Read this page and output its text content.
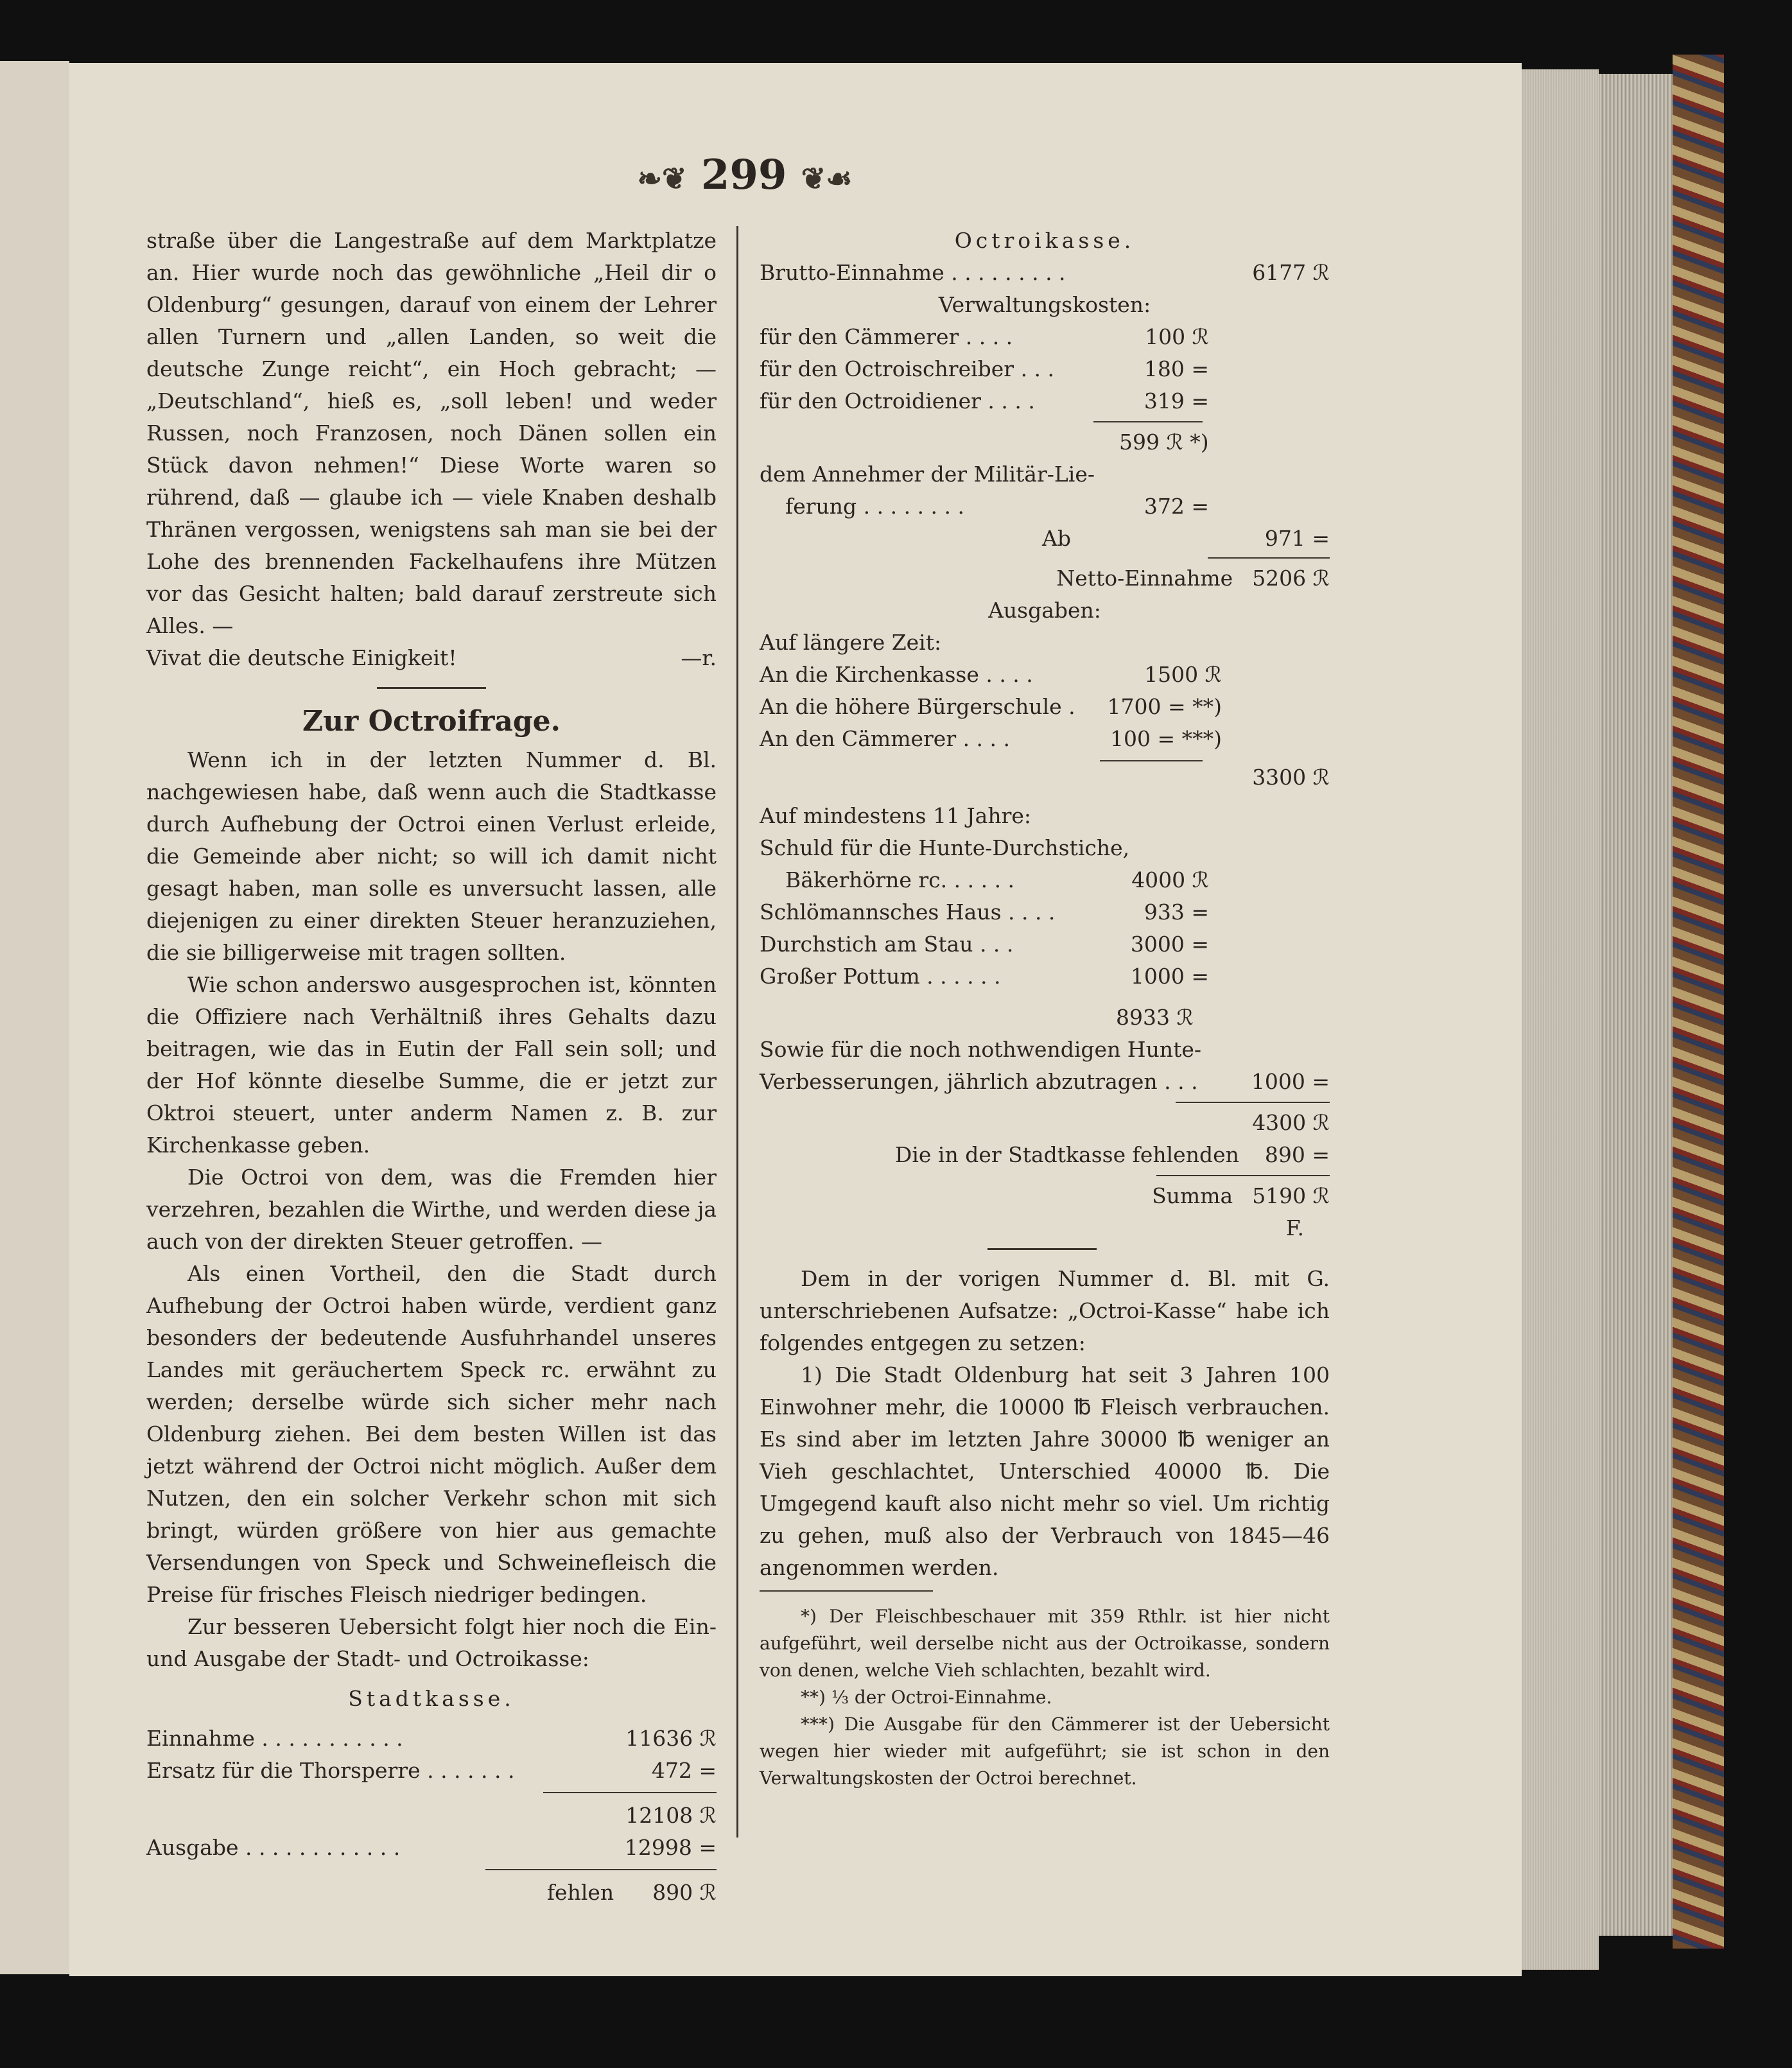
❧❦ 299 ❦☙

straße über die Langestraße auf dem Marktplatze an. Hier wurde noch das gewöhnliche „Heil dir o Oldenburg“ gesungen, darauf von einem der Lehrer allen Turnern und „allen Landen, so weit die deutsche Zunge reicht“, ein Hoch gebracht; — „Deutschland“, hieß es, „soll leben! und weder Russen, noch Franzosen, noch Dänen sollen ein Stück davon nehmen!“ Diese Worte waren so rührend, daß — glaube ich — viele Knaben deshalb Thränen vergossen, wenigstens sah man sie bei der Lohe des brennenden Fackelhaufens ihre Mützen vor das Gesicht halten; bald darauf zerstreute sich Alles. —

Vivat die deutsche Einigkeit!	—r.
Zur Octroifrage.

Wenn ich in der letzten Nummer d. Bl. nachgewiesen habe, daß wenn auch die Stadtkasse durch Aufhebung der Octroi einen Verlust erleide, die Gemeinde aber nicht; so will ich damit nicht gesagt haben, man solle es unversucht lassen, alle diejenigen zu einer direkten Steuer heranzuziehen, die sie billigerweise mit tragen sollten.

Wie schon anderswo ausgesprochen ist, könnten die Offiziere nach Verhältniß ihres Gehalts dazu beitragen, wie das in Eutin der Fall sein soll; und der Hof könnte dieselbe Summe, die er jetzt zur Oktroi steuert, unter anderm Namen z. B. zur Kirchenkasse geben.

Die Octroi von dem, was die Fremden hier verzehren, bezahlen die Wirthe, und werden diese ja auch von der direkten Steuer getroffen. —

Als einen Vortheil, den die Stadt durch Aufhebung der Octroi haben würde, verdient ganz besonders der bedeutende Ausfuhrhandel unseres Landes mit geräuchertem Speck rc. erwähnt zu werden; derselbe würde sich sicher mehr nach Oldenburg ziehen. Bei dem besten Willen ist das jetzt während der Octroi nicht möglich. Außer dem Nutzen, den ein solcher Verkehr schon mit sich bringt, würden größere von hier aus gemachte Versendungen von Speck und Schweinefleisch die Preise für frisches Fleisch niedriger bedingen.

Zur besseren Uebersicht folgt hier noch die Ein- und Ausgabe der Stadt- und Octroikasse:

Stadtkasse.
Einnahme . . . . . . . . . . .	11636 ℛ
Ersatz für die Thorsperre . . . . . . .	472 =
12108 ℛ
Ausgabe . . . . . . . . . . . .	12998 =
fehlen 890 ℛ
Octroikasse.
Brutto-Einnahme . . . . . . . . .	6177 ℛ
Verwaltungskosten:
für den Cämmerer . . . .	100 ℛ
für den Octroischreiber . . .	180 =
für den Octroidiener . . . .	319 =
599 ℛ *)
dem Annehmer der Militär-Lie-
ferung . . . . . . . .	372 =
Ab	971 =
Netto-Einnahme 5206 ℛ
Ausgaben:
Auf längere Zeit:
An die Kirchenkasse . . . .	1500 ℛ
An die höhere Bürgerschule . 1700 = **)
An den Cämmerer . . . .	100 = ***)
3300 ℛ
Auf mindestens 11 Jahre:
Schuld für die Hunte-Durchstiche,
Bäkerhörne rc. . . . . .	4000 ℛ
Schlömannsches Haus . . . .	933 =
Durchstich am Stau . . .	3000 =
Großer Pottum . . . . . .	1000 =
8933 ℛ
Sowie für die noch nothwendigen Hunte-
Verbesserungen, jährlich abzutragen . . .	1000 =
4300 ℛ
Die in der Stadtkasse fehlenden 890 =
Summa 5190 ℛ
F.

Dem in der vorigen Nummer d. Bl. mit G. unterschriebenen Aufsatze: „Octroi-Kasse“ habe ich folgendes entgegen zu setzen:

1) Die Stadt Oldenburg hat seit 3 Jahren 100 Einwohner mehr, die 10000 ℔ Fleisch verbrauchen. Es sind aber im letzten Jahre 30000 ℔ weniger an Vieh geschlachtet, Unterschied 40000 ℔. Die Umgegend kauft also nicht mehr so viel. Um richtig zu gehen, muß also der Verbrauch von 1845—46 angenommen werden.

*) Der Fleischbeschauer mit 359 Rthlr. ist hier nicht aufgeführt, weil derselbe nicht aus der Octroikasse, sondern von denen, welche Vieh schlachten, bezahlt wird.

**) ⅓ der Octroi-Einnahme.

***) Die Ausgabe für den Cämmerer ist der Uebersicht wegen hier wieder mit aufgeführt; sie ist schon in den Verwaltungskosten der Octroi berechnet.
